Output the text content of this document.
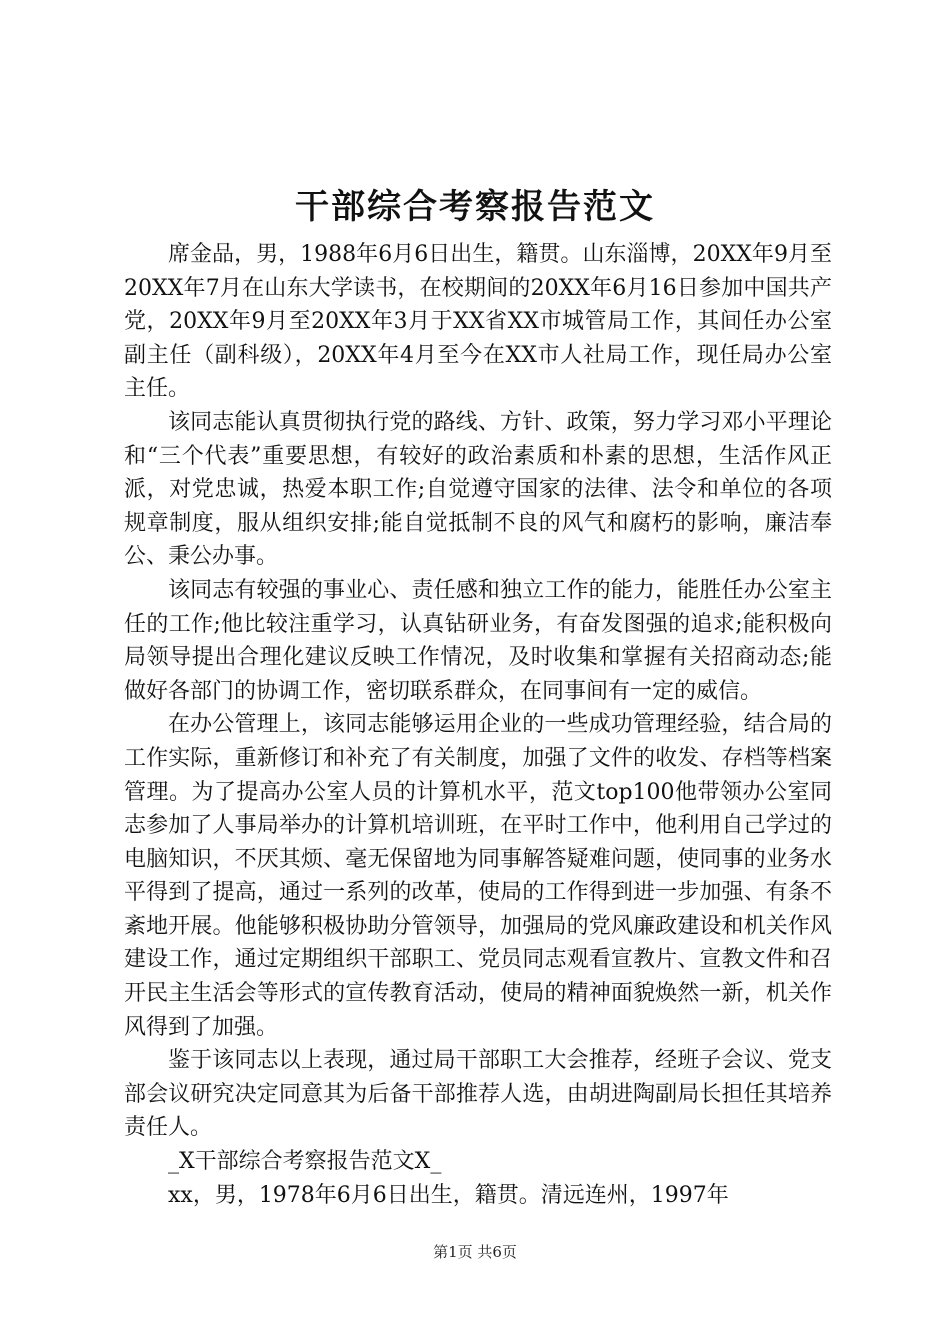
干部综合考察报告范文

席金品，男，1988年6月6日出生，籍贯。山东淄博，20XX年9月至20XX年7月在山东大学读书，在校期间的20XX年6月16日参加中国共产党，20XX年9月至20XX年3月于XX省XX市城管局工作，其间任办公室副主任（副科级），20XX年4月至今在XX市人社局工作，现任局办公室主任。

该同志能认真贯彻执行党的路线、方针、政策，努力学习邓小平理论和“三个代表”重要思想，有较好的政治素质和朴素的思想，生活作风正派，对党忠诚，热爱本职工作;自觉遵守国家的法律、法令和单位的各项规章制度，服从组织安排;能自觉抵制不良的风气和腐朽的影响，廉洁奉公、秉公办事。

该同志有较强的事业心、责任感和独立工作的能力，能胜任办公室主任的工作;他比较注重学习，认真钻研业务，有奋发图强的追求;能积极向局领导提出合理化建议反映工作情况，及时收集和掌握有关招商动态;能做好各部门的协调工作，密切联系群众，在同事间有一定的威信。

在办公管理上，该同志能够运用企业的一些成功管理经验，结合局的工作实际，重新修订和补充了有关制度，加强了文件的收发、存档等档案管理。为了提高办公室人员的计算机水平，范文top100他带领办公室同志参加了人事局举办的计算机培训班，在平时工作中，他利用自己学过的电脑知识，不厌其烦、毫无保留地为同事解答疑难问题，使同事的业务水平得到了提高，通过一系列的改革，使局的工作得到进一步加强、有条不紊地开展。他能够积极协助分管领导，加强局的党风廉政建设和机关作风建设工作，通过定期组织干部职工、党员同志观看宣教片、宣教文件和召开民主生活会等形式的宣传教育活动，使局的精神面貌焕然一新，机关作风得到了加强。

鉴于该同志以上表现，通过局干部职工大会推荐，经班子会议、党支部会议研究决定同意其为后备干部推荐人选，由胡进陶副局长担任其培养责任人。

_X干部综合考察报告范文X_

xx，男，1978年6月6日出生，籍贯。清远连州，1997年

第1页 共6页
